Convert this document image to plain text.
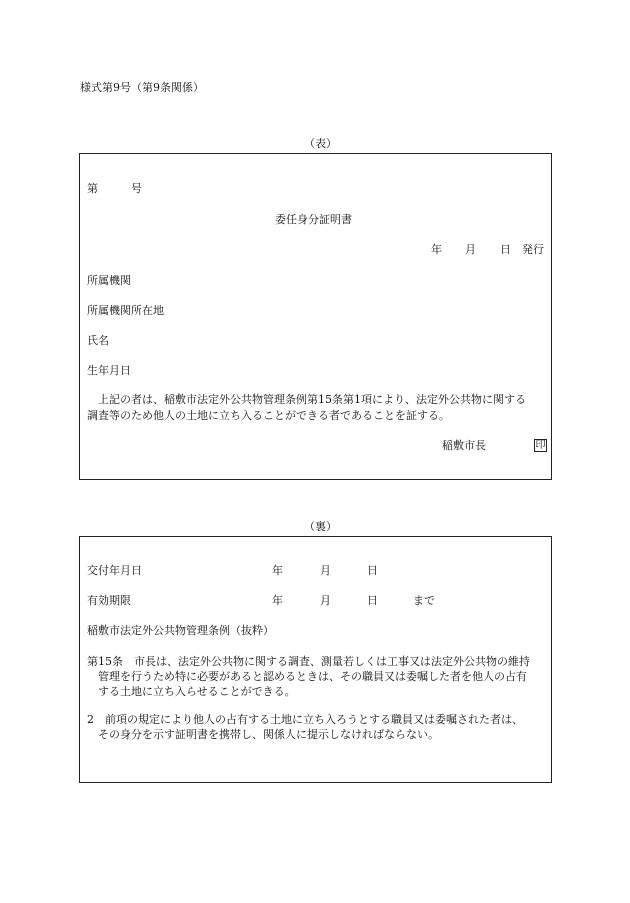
様式第9号（第9条関係）
（表）
第	号
委任身分証明書
年 月 日 発行
所属機関
所属機関所在地
氏名
生年月日
上記の者は、稲敷市法定外公共物管理条例第15条第1項により、法定外公共物に関する
調査等のため他人の土地に立ち入ることができる者であることを証する。
稲敷市長	印
（裏）
交付年月日	年	月	日
有効期限	年	月	日	まで
稲敷市法定外公共物管理条例（抜粋）
第15条　市長は、法定外公共物に関する調査、測量若しくは工事又は法定外公共物の維持
管理を行うため特に必要があると認めるときは、その職員又は委嘱した者を他人の占有
する土地に立ち入らせることができる。
2　前項の規定により他人の占有する土地に立ち入ろうとする職員又は委嘱された者は、
その身分を示す証明書を携帯し、関係人に提示しなければならない。
